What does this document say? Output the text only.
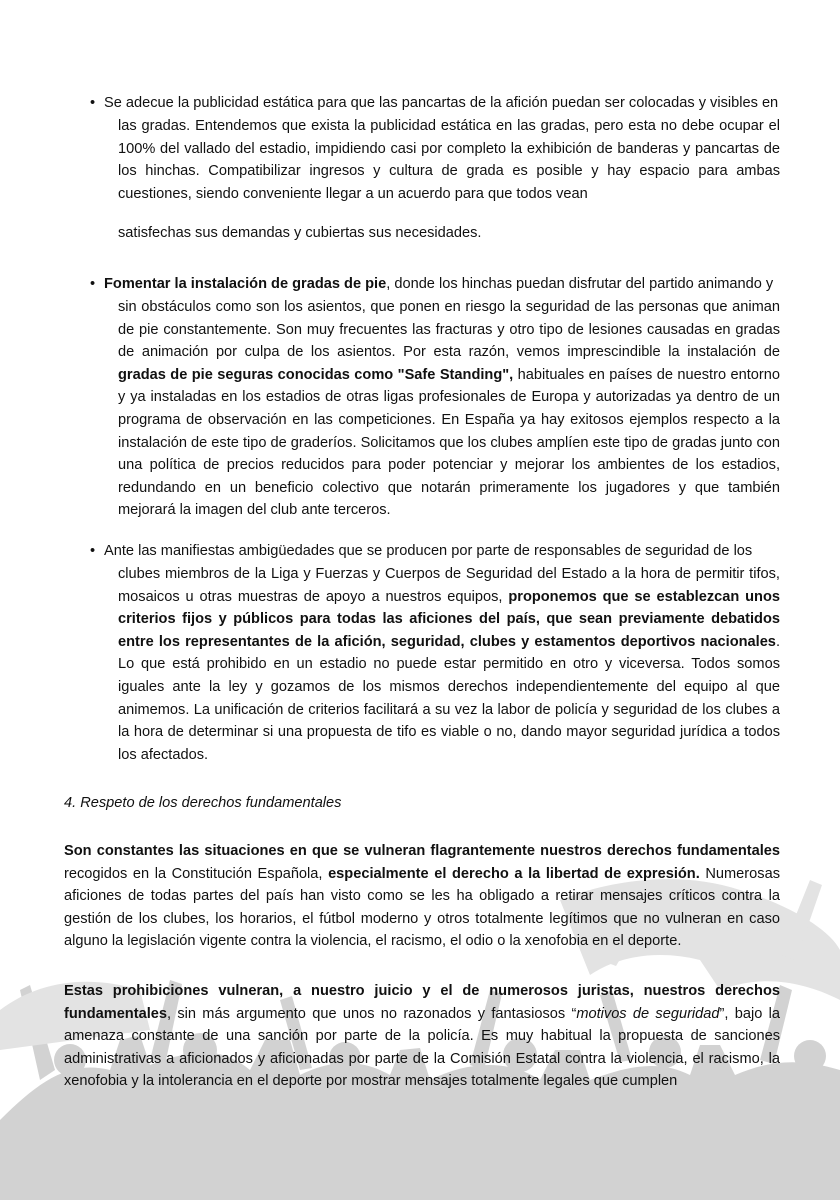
•Se adecue la publicidad estática para que las pancartas de la afición puedan ser colocadas y visibles en

las gradas. Entendemos que exista la publicidad estática en las gradas, pero esta no debe ocupar el 100% del vallado del estadio, impidiendo casi por completo la exhibición de banderas y pancartas de los hinchas. Compatibilizar ingresos y cultura de grada es posible y hay espacio para ambas cuestiones, siendo conveniente llegar a un acuerdo para que todos vean

satisfechas sus demandas y cubiertas sus necesidades.

•Fomentar la instalación de gradas de pie, donde los hinchas puedan disfrutar del partido animando y

sin obstáculos como son los asientos, que ponen en riesgo la seguridad de las personas que animan de pie constantemente. Son muy frecuentes las fracturas y otro tipo de lesiones causadas en gradas de animación por culpa de los asientos. Por esta razón, vemos imprescindible la instalación de gradas de pie seguras conocidas como "Safe Standing", habituales en países de nuestro entorno y ya instaladas en los estadios de otras ligas profesionales de Europa y autorizadas ya dentro de un programa de observación en las competiciones. En España ya hay exitosos ejemplos respecto a la instalación de este tipo de graderíos. Solicitamos que los clubes amplíen este tipo de gradas junto con una política de precios reducidos para poder potenciar y mejorar los ambientes de los estadios, redundando en un beneficio colectivo que notarán primeramente los jugadores y que también mejorará la imagen del club ante terceros.

•Ante las manifiestas ambigüedades que se producen por parte de responsables de seguridad de los

clubes miembros de la Liga y Fuerzas y Cuerpos de Seguridad del Estado a la hora de permitir tifos, mosaicos u otras muestras de apoyo a nuestros equipos, proponemos que se establezcan unos criterios fijos y públicos para todas las aficiones del país, que sean previamente debatidos entre los representantes de la afición, seguridad, clubes y estamentos deportivos nacionales. Lo que está prohibido en un estadio no puede estar permitido en otro y viceversa. Todos somos iguales ante la ley y gozamos de los mismos derechos independientemente del equipo al que animemos. La unificación de criterios facilitará a su vez la labor de policía y seguridad de los clubes a la hora de determinar si una propuesta de tifo es viable o no, dando mayor seguridad jurídica a todos los afectados.

4. Respeto de los derechos fundamentales

Son constantes las situaciones en que se vulneran flagrantemente nuestros derechos fundamentales recogidos en la Constitución Española, especialmente el derecho a la libertad de expresión. Numerosas aficiones de todas partes del país han visto como se les ha obligado a retirar mensajes críticos contra la gestión de los clubes, los horarios, el fútbol moderno y otros totalmente legítimos que no vulneran en caso alguno la legislación vigente contra la violencia, el racismo, el odio o la xenofobia en el deporte.

Estas prohibiciones vulneran, a nuestro juicio y el de numerosos juristas, nuestros derechos fundamentales, sin más argumento que unos no razonados y fantasiosos “motivos de seguridad”, bajo la amenaza constante de una sanción por parte de la policía. Es muy habitual la propuesta de sanciones administrativas a aficionados y aficionadas por parte de la Comisión Estatal contra la violencia, el racismo, la xenofobia y la intolerancia en el deporte por mostrar mensajes totalmente legales que cumplen
